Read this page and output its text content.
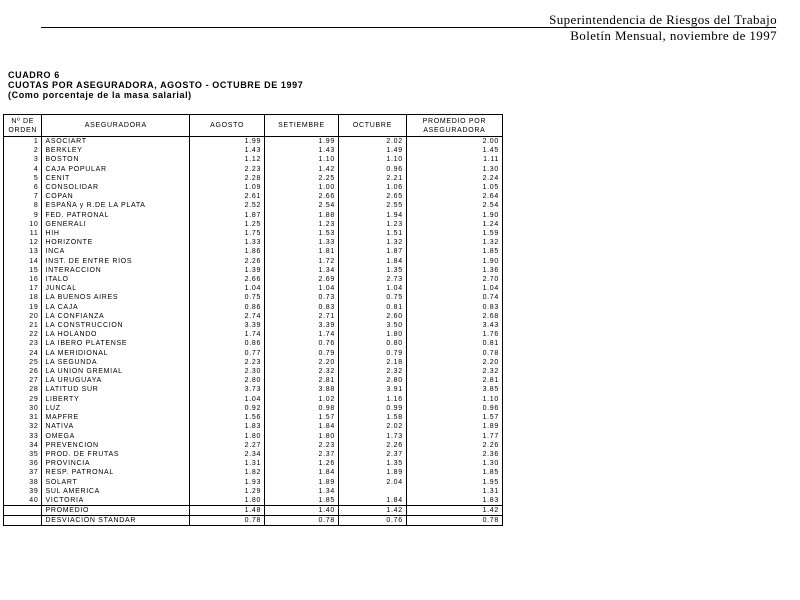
Superintendencia de Riesgos del Trabajo
Boletín Mensual, noviembre de 1997
CUADRO 6
CUOTAS POR ASEGURADORA, AGOSTO - OCTUBRE DE 1997
(Como porcentaje de la masa salarial)
Nº DE
ORDEN	ASEGURADORA	AGOSTO	SETIEMBRE	OCTUBRE	PROMEDIO POR
ASEGURADORA
1	ASOCIART	1.99	1.99	2.02	2.00
2	BERKLEY	1.43	1.43	1.49	1.45
3	BOSTON	1.12	1.10	1.10	1.11
4	CAJA POPULAR	2.23	1.42	0.96	1.30
5	CENIT	2.28	2.25	2.21	2.24
6	CONSOLIDAR	1.09	1.00	1.06	1.05
7	COPAN	2.61	2.66	2.65	2.64
8	ESPAÑA y R.DE LA PLATA	2.52	2.54	2.55	2.54
9	FED. PATRONAL	1.87	1.88	1.94	1.90
10	GENERALI	1.25	1.23	1.23	1.24
11	HIH	1.75	1.53	1.51	1.59
12	HORIZONTE	1.33	1.33	1.32	1.32
13	INCA	1.86	1.81	1.87	1.85
14	INST. DE ENTRE RÍOS	2.26	1.72	1.84	1.90
15	INTERACCION	1.39	1.34	1.35	1.36
16	ITALO	2.66	2.69	2.73	2.70
17	JUNCAL	1.04	1.04	1.04	1.04
18	LA BUENOS AIRES	0.75	0.73	0.75	0.74
19	LA CAJA	0.86	0.83	0.81	0.83
20	LA CONFIANZA	2.74	2.71	2.60	2.68
21	LA CONSTRUCCION	3.39	3.39	3.50	3.43
22	LA HOLANDO	1.74	1.74	1.80	1.76
23	LA IBERO PLATENSE	0.86	0.76	0.80	0.81
24	LA MERIDIONAL	0.77	0.79	0.79	0.78
25	LA SEGUNDA	2.23	2.20	2.18	2.20
26	LA UNION GREMIAL	2.30	2.32	2.32	2.32
27	LA URUGUAYA	2.80	2.81	2.80	2.81
28	LATITUD SUR	3.73	3.88	3.91	3.85
29	LIBERTY	1.04	1.02	1.16	1.10
30	LUZ	0.92	0.98	0.99	0.96
31	MAPFRE	1.56	1.57	1.58	1.57
32	NATIVA	1.83	1.84	2.02	1.89
33	OMEGA	1.80	1.80	1.73	1.77
34	PREVENCION	2.27	2.23	2.26	2.26
35	PROD. DE FRUTAS	2.34	2.37	2.37	2.36
36	PROVINCIA	1.31	1.26	1.35	1.30
37	RESP. PATRONAL	1.82	1.84	1.89	1.85
38	SOLART	1.93	1.89	2.04	1.95
39	SUL AMERICA	1.29	1.34		1.31
40	VICTORIA	1.80	1.85	1.84	1.83
	PROMEDIO	1.48	1.40	1.42	1.42
	DESVIACIÓN STANDAR	0.78	0.78	0.76	0.78
